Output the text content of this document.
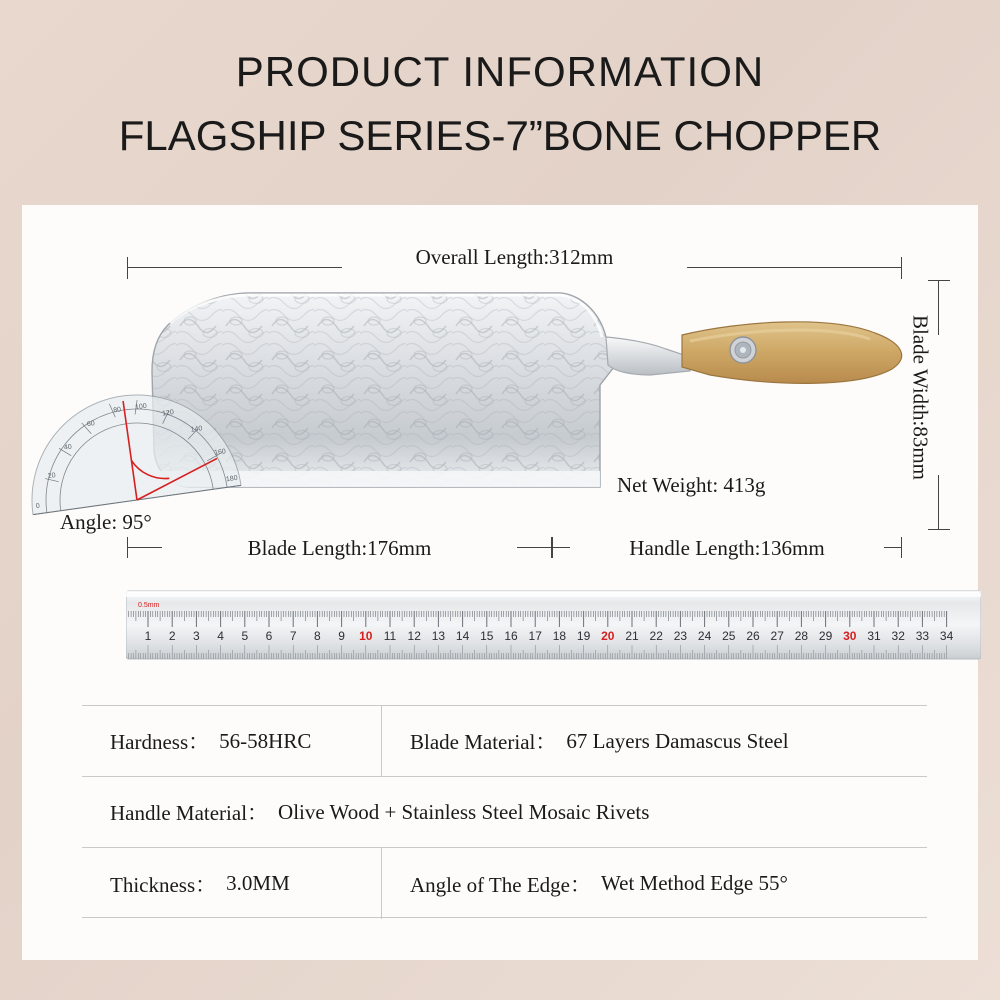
PRODUCT INFORMATION
FLAGSHIP SERIES-7”BONE CHOPPER
Overall Length:312mm
0
20
40
60
80 100
120
140
160
180
Angle: 95°
Net Weight: 413g
Blade Width:83mm
Blade Length:176mm	Handle Length:136mm
0.5mm
1 2 3 4 5 6 7 8 9 10 11 12 13 14 15 16 17 18 19 20 21 22 23 24 25 26 27 28 29 30 31 32 33 34
Hardness： 56-58HRC	Blade Material： 67 Layers Damascus Steel
Handle Material： Olive Wood + Stainless Steel Mosaic Rivets
Thickness： 3.0MM	Angle of The Edge： Wet Method Edge 55°
